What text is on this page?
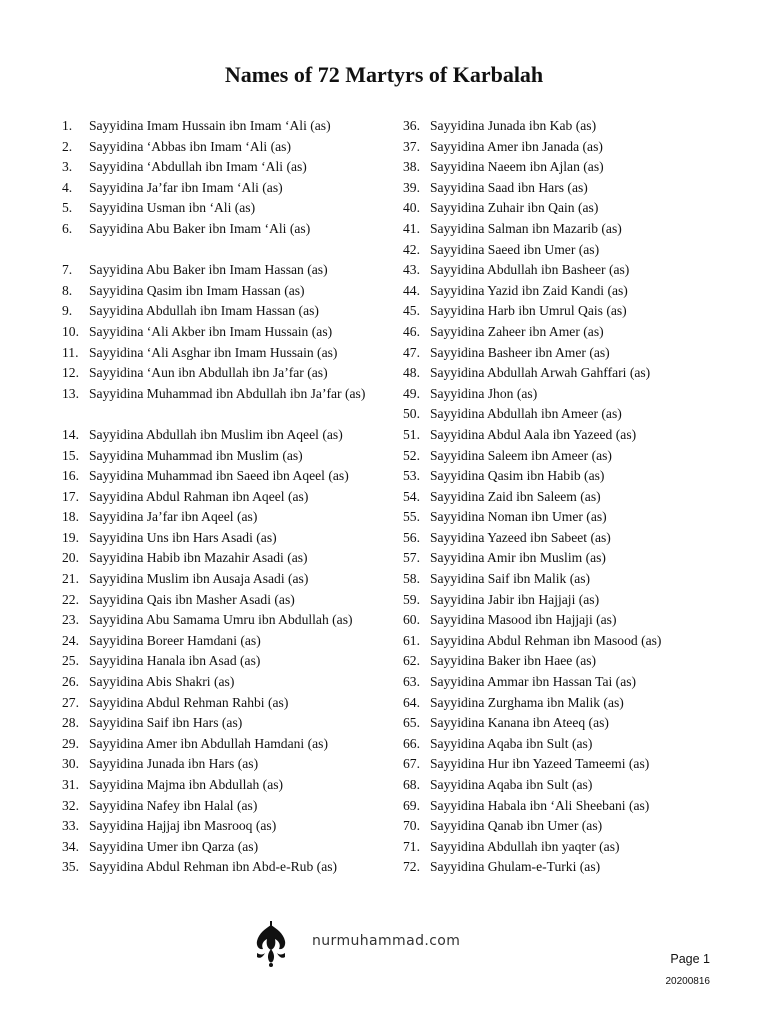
Names of 72 Martyrs of Karbalah
1.	Sayyidina Imam Hussain ibn Imam ‘Ali (as)
2.	Sayyidina ‘Abbas ibn Imam ‘Ali (as)
3.	Sayyidina ‘Abdullah ibn Imam ‘Ali (as)
4.	Sayyidina Ja’far ibn Imam ‘Ali (as)
5.	Sayyidina Usman ibn ‘Ali (as)
6.	Sayyidina Abu Baker ibn Imam ‘Ali (as)
7.	Sayyidina Abu Baker ibn Imam Hassan (as)
8.	Sayyidina Qasim ibn Imam Hassan (as)
9.	Sayyidina Abdullah ibn Imam Hassan (as)
10. Sayyidina ‘Ali Akber ibn Imam Hussain (as)
11. Sayyidina ‘Ali Asghar ibn Imam Hussain (as)
12. Sayyidina ‘Aun ibn Abdullah ibn Ja’far (as)
13. Sayyidina Muhammad ibn Abdullah ibn Ja’far (as)
14. Sayyidina Abdullah ibn Muslim ibn Aqeel (as)
15. Sayyidina Muhammad ibn Muslim (as)
16. Sayyidina Muhammad ibn Saeed ibn Aqeel (as)
17. Sayyidina Abdul Rahman ibn Aqeel (as)
18. Sayyidina Ja’far ibn Aqeel (as)
19. Sayyidina Uns ibn Hars Asadi (as)
20. Sayyidina Habib ibn Mazahir Asadi (as)
21. Sayyidina Muslim ibn Ausaja Asadi (as)
22. Sayyidina Qais ibn Masher Asadi (as)
23. Sayyidina Abu Samama Umru ibn Abdullah (as)
24. Sayyidina Boreer Hamdani (as)
25. Sayyidina Hanala ibn Asad (as)
26. Sayyidina Abis Shakri (as)
27. Sayyidina Abdul Rehman Rahbi (as)
28. Sayyidina Saif ibn Hars (as)
29. Sayyidina Amer ibn Abdullah Hamdani (as)
30. Sayyidina Junada ibn Hars (as)
31. Sayyidina Majma ibn Abdullah (as)
32. Sayyidina Nafey ibn Halal (as)
33. Sayyidina Hajjaj ibn Masrooq (as)
34. Sayyidina Umer ibn Qarza (as)
35. Sayyidina Abdul Rehman ibn Abd-e-Rub (as)
36. Sayyidina Junada ibn Kab (as)
37. Sayyidina Amer ibn Janada (as)
38. Sayyidina Naeem ibn Ajlan (as)
39. Sayyidina Saad ibn Hars (as)
40. Sayyidina Zuhair ibn Qain (as)
41. Sayyidina Salman ibn Mazarib (as)
42. Sayyidina Saeed ibn Umer (as)
43. Sayyidina Abdullah ibn Basheer (as)
44. Sayyidina Yazid ibn Zaid Kandi (as)
45. Sayyidina Harb ibn Umrul Qais (as)
46. Sayyidina Zaheer ibn Amer (as)
47. Sayyidina Basheer ibn Amer (as)
48. Sayyidina Abdullah Arwah Gahffari (as)
49. Sayyidina Jhon (as)
50. Sayyidina Abdullah ibn Ameer (as)
51. Sayyidina Abdul Aala ibn Yazeed (as)
52. Sayyidina Saleem ibn Ameer (as)
53. Sayyidina Qasim ibn Habib (as)
54. Sayyidina Zaid ibn Saleem (as)
55. Sayyidina Noman ibn Umer (as)
56. Sayyidina Yazeed ibn Sabeet (as)
57. Sayyidina Amir ibn Muslim (as)
58. Sayyidina Saif ibn Malik (as)
59. Sayyidina Jabir ibn Hajjaji (as)
60. Sayyidina Masood ibn Hajjaji (as)
61. Sayyidina Abdul Rehman ibn Masood (as)
62. Sayyidina Baker ibn Haee (as)
63. Sayyidina Ammar ibn Hassan Tai (as)
64. Sayyidina Zurghama ibn Malik (as)
65. Sayyidina Kanana ibn Ateeq (as)
66. Sayyidina Aqaba ibn Sult (as)
67. Sayyidina Hur ibn Yazeed Tameemi (as)
68. Sayyidina Aqaba ibn Sult (as)
69. Sayyidina Habala ibn ‘Ali Sheebani (as)
70. Sayyidina Qanab ibn Umer (as)
71. Sayyidina Abdullah ibn yaqter (as)
72. Sayyidina Ghulam-e-Turki (as)
nurmuhammad.com
Page 1
20200816
